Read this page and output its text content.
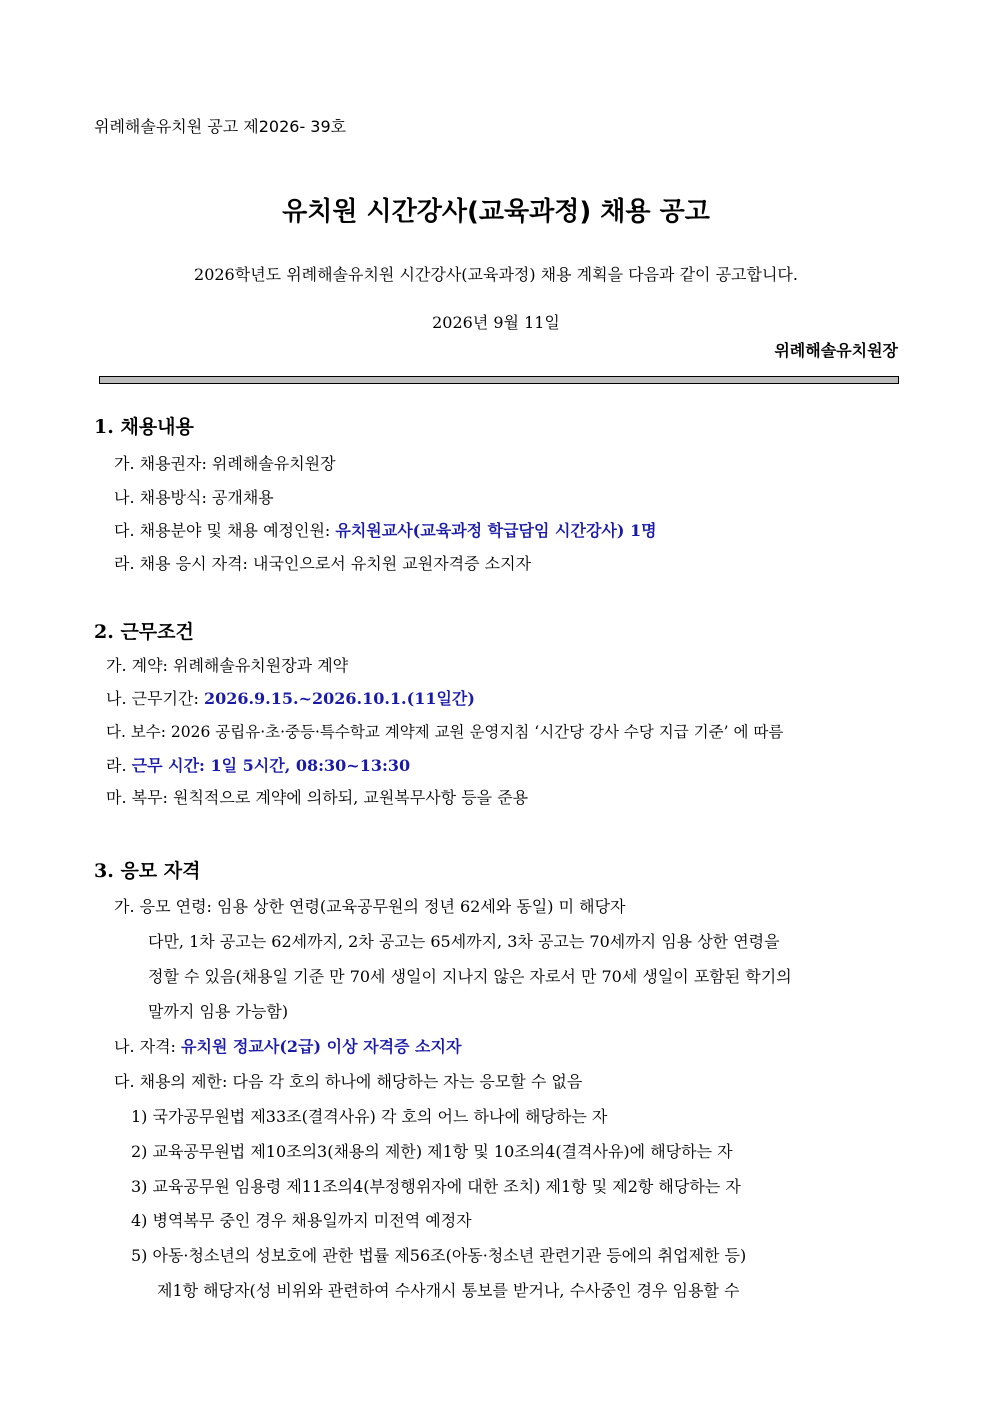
위례해솔유치원 공고 제2026- 39호
유치원 시간강사(교육과정) 채용 공고
2026학년도 위례해솔유치원 시간강사(교육과정) 채용 계획을 다음과 같이 공고합니다.
2026년 9월 11일
위례해솔유치원장
1. 채용내용
가. 채용권자: 위례해솔유치원장
나. 채용방식: 공개채용
다. 채용분야 및 채용 예정인원: 유치원교사(교육과정 학급담임 시간강사) 1명
라. 채용 응시 자격: 내국인으로서 유치원 교원자격증 소지자
2. 근무조건
가. 계약: 위례해솔유치원장과 계약
나. 근무기간: 2026.9.15.~2026.10.1.(11일간)
다. 보수: 2026 공립유·초·중등·특수학교 계약제 교원 운영지침 ‘시간당 강사 수당 지급 기준’ 에 따름
라. 근무 시간: 1일 5시간, 08:30~13:30
마. 복무: 원칙적으로 계약에 의하되, 교원복무사항 등을 준용
3. 응모 자격
가. 응모 연령: 임용 상한 연령(교육공무원의 정년 62세와 동일) 미 해당자
다만, 1차 공고는 62세까지, 2차 공고는 65세까지, 3차 공고는 70세까지 임용 상한 연령을
정할 수 있음(채용일 기준 만 70세 생일이 지나지 않은 자로서 만 70세 생일이 포함된 학기의
말까지 임용 가능함)
나. 자격: 유치원 정교사(2급) 이상 자격증 소지자
다. 채용의 제한: 다음 각 호의 하나에 해당하는 자는 응모할 수 없음
1) 국가공무원법 제33조(결격사유) 각 호의 어느 하나에 해당하는 자
2) 교육공무원법 제10조의3(채용의 제한) 제1항 및 10조의4(결격사유)에 해당하는 자
3) 교육공무원 임용령 제11조의4(부정행위자에 대한 조치) 제1항 및 제2항 해당하는 자
4) 병역복무 중인 경우 채용일까지 미전역 예정자
5) 아동·청소년의 성보호에 관한 법률 제56조(아동·청소년 관련기관 등에의 취업제한 등)
제1항 해당자(성 비위와 관련하여 수사개시 통보를 받거나, 수사중인 경우 임용할 수
